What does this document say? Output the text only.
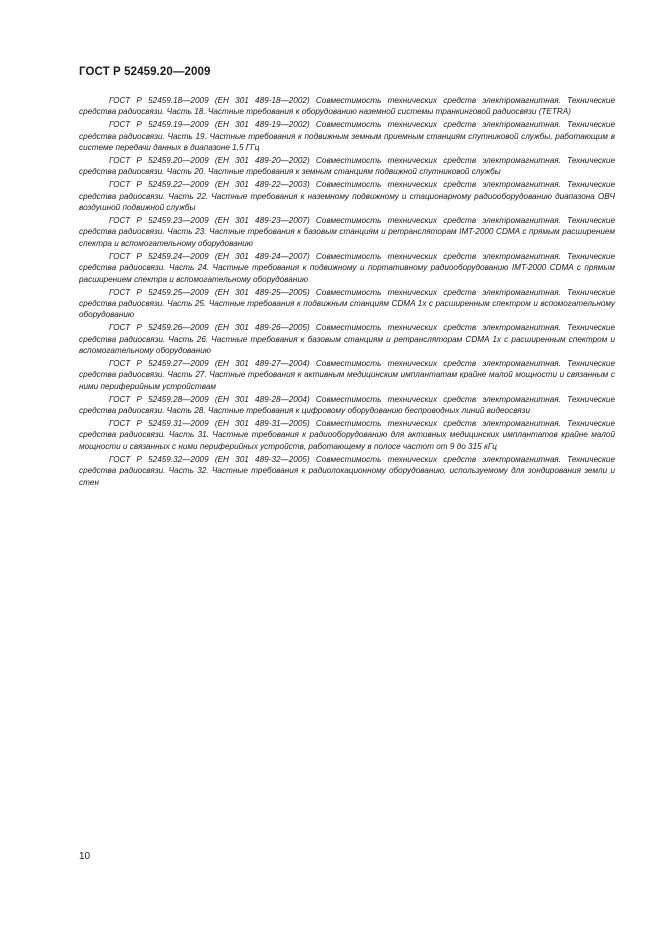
ГОСТ Р 52459.20—2009
ГОСТ Р 52459.18—2009 (ЕН 301 489-18—2002) Совместимость технических средств электромагнитная. Технические средства радиосвязи. Часть 18. Частные требования к оборудованию наземной системы транкинговой радиосвязи (TETRA)
ГОСТ Р 52459.19—2009 (ЕН 301 489-19—2002) Совместимость технических средств электромагнитная. Технические средства радиосвязи. Часть 19. Частные требования к подвижным земным приемным станциям спутниковой службы, работающим в системе передачи данных в диапазоне 1,5 ГГц
ГОСТ Р 52459.20—2009 (ЕН 301 489-20—2002) Совместимость технических средств электромагнитная. Технические средства радиосвязи. Часть 20. Частные требования к земным станциям подвижной спутниковой службы
ГОСТ Р 52459.22—2009 (ЕН 301 489-22—2003) Совместимость технических средств электромагнитная. Технические средства радиосвязи. Часть 22. Частные требования к наземному подвижному и стационарному радиооборудованию диапазона ОВЧ воздушной подвижной службы
ГОСТ Р 52459.23—2009 (ЕН 301 489-23—2007) Совместимость технических средств электромагнитная. Технические средства радиосвязи. Часть 23. Частные требования к базовым станциям и ретрансляторам IMT-2000 CDMA с прямым расширением спектра и вспомогательному оборудованию
ГОСТ Р 52459.24—2009 (ЕН 301 489-24—2007) Совместимость технических средств электромагнитная. Технические средства радиосвязи. Часть 24. Частные требования к подвижному и портативному радиооборудованию IMT-2000 CDMA с прямым расширением спектра и вспомогательному оборудованию
ГОСТ Р 52459.25—2009 (ЕН 301 489-25—2005) Совместимость технических средств электромагнитная. Технические средства радиосвязи. Часть 25. Частные требования к подвижным станциям CDMA 1x с расширенным спектром и вспомогательному оборудованию
ГОСТ Р 52459.26—2009 (ЕН 301 489-26—2005) Совместимость технических средств электромагнитная. Технические средства радиосвязи. Часть 26. Частные требования к базовым станциям и ретрансляторам CDMA 1x с расширенным спектром и вспомогательному оборудованию
ГОСТ Р 52459.27—2009 (ЕН 301 489-27—2004) Совместимость технических средств электромагнитная. Технические средства радиосвязи. Часть 27. Частные требования к активным медицинским имплантатам крайне малой мощности и связанным с ними периферийным устройствам
ГОСТ Р 52459.28—2009 (ЕН 301 489-28—2004) Совместимость технических средств электромагнитная. Технические средства радиосвязи. Часть 28. Частные требования к цифровому оборудованию беспроводных линий видеосвязи
ГОСТ Р 52459.31—2009 (ЕН 301 489-31—2005) Совместимость технических средств электромагнитная. Технические средства радиосвязи. Часть 31. Частные требования к радиооборудованию для активных медицинских имплантатов крайне малой мощности и связанных с ними периферийных устройств, работающему в полосе частот от 9 до 315 кГц
ГОСТ Р 52459.32—2009 (ЕН 301 489-32—2005) Совместимость технических средств электромагнитная. Технические средства радиосвязи. Часть 32. Частные требования к радиолокационному оборудованию, используемому для зондирования земли и стен
10
